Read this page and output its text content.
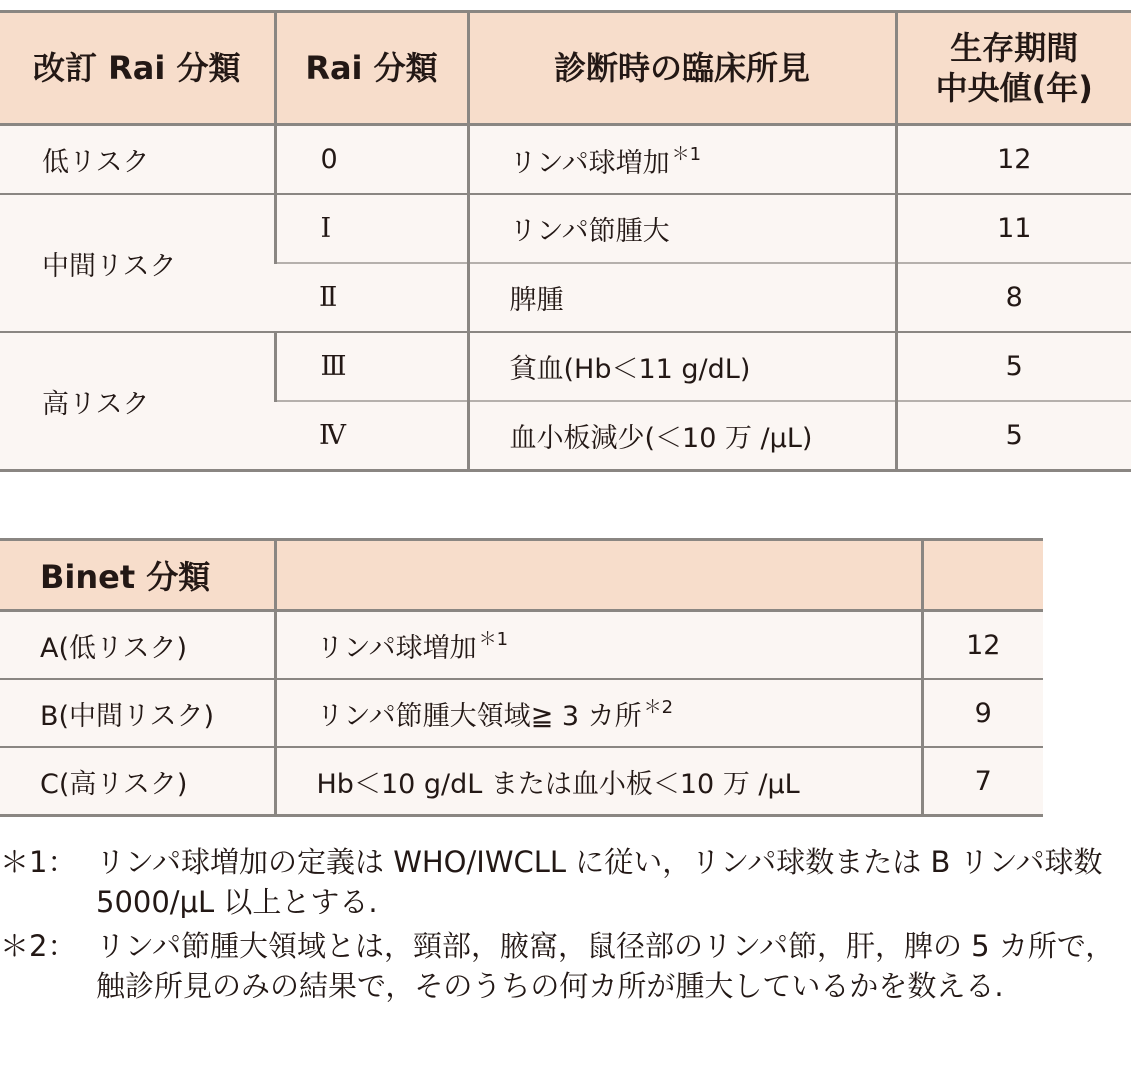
改訂 Rai 分類	Rai 分類	診断時の臨床所見	生存期間
中央値(年)
低リスク	0	リンパ球増加 $^{*1}$	12
中間リスク	Ⅰ	リンパ節腫大	11
	Ⅱ	脾腫	8
高リスク	Ⅲ	貧血(Hb＜11 g/dL)	5
	Ⅳ	血小板減少(＜10 万 /μL)	5
Binet 分類		
A(低リスク)	リンパ球増加 $^{*1}$	12
B(中間リスク)	リンパ節腫大領域≧ 3 カ所 $^{*2}$	9
C(高リスク)	Hb＜10 g/dL または血小板＜10 万 /μL	7
＊1： リンパ球増加の定義は WHO/IWCLL に従い，リンパ球数または B リンパ球数 5000/μL 以上とする.
＊2： リンパ節腫大領域とは，頸部，腋窩，鼠径部のリンパ節，肝，脾の 5 カ所で，触診所見のみの結果で，そのうちの何カ所が腫大しているかを数える.
